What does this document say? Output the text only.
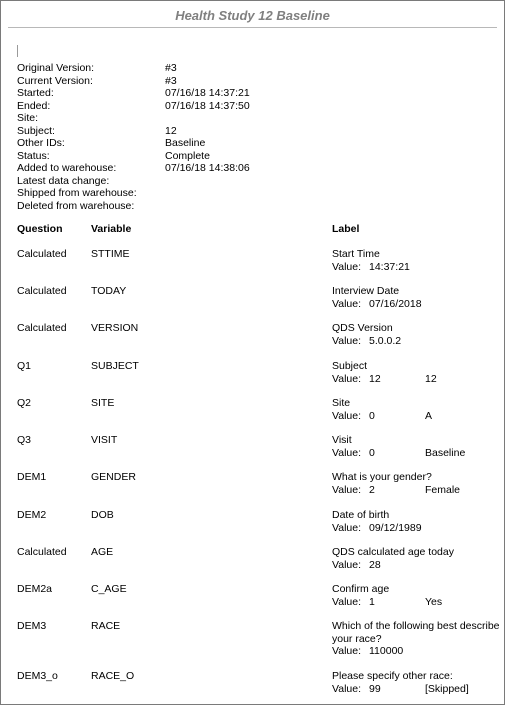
Health Study 12 Baseline
Original Version:	#3
Current Version:	#3
Started:	07/16/18 14:37:21
Ended:	07/16/18 14:37:50
Site:
Subject:	12
Other IDs:	Baseline
Status:	Complete
Added to warehouse:	07/16/18 14:38:06
Latest data change:
Shipped from warehouse:
Deleted from warehouse:
Question	Variable	Label
Calculated STTIME	Start Time
Value: 14:37:21
Calculated TODAY	Interview Date
Value: 07/16/2018
Calculated VERSION	QDS Version
Value: 5.0.0.2
Q1	SUBJECT	Subject
Value: 12	12
Q2	SITE	Site
Value: 0	A
Q3	VISIT	Visit
Value: 0	Baseline
DEM1	GENDER	What is your gender?
Value: 2	Female
DEM2	DOB	Date of birth
Value: 09/12/1989
Calculated AGE	QDS calculated age today
Value: 28
DEM2a	C_AGE	Confirm age
Value: 1	Yes
DEM3	RACE	Which of the following best describe your race?
Value: 110000
DEM3_o	RACE_O	Please specify other race:
Value: 99	[Skipped]
